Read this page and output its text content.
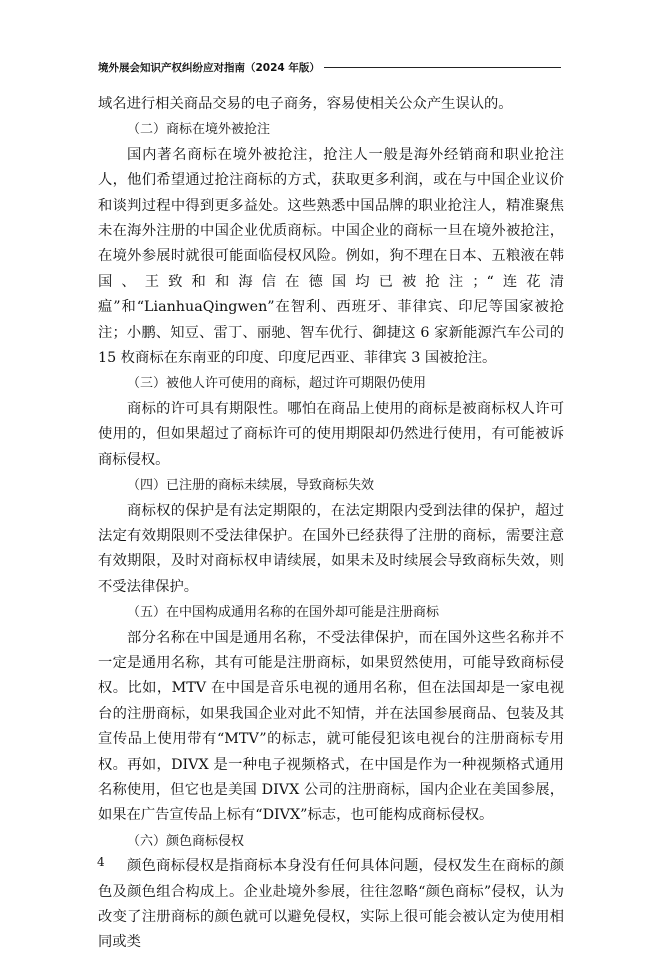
境外展会知识产权纠纷应对指南（2024 年版）

域名进行相关商品交易的电子商务，容易使相关公众产生误认的。

（二）商标在境外被抢注

国内著名商标在境外被抢注，抢注人一般是海外经销商和职业抢注人，他们希望通过抢注商标的方式，获取更多利润，或在与中国企业议价和谈判过程中得到更多益处。这些熟悉中国品牌的职业抢注人，精准聚焦未在海外注册的中国企业优质商标。中国企业的商标一旦在境外被抢注，在境外参展时就很可能面临侵权风险。例如，狗不理在日本、五粮液在韩国、王致和和海信在德国均已被抢注；“连花清瘟”和“LianhuaQingwen”在智利、西班牙、菲律宾、印尼等国家被抢注；小鹏、知豆、雷丁、丽驰、智车优行、御捷这 6 家新能源汽车公司的 15 枚商标在东南亚的印度、印度尼西亚、菲律宾 3 国被抢注。

（三）被他人许可使用的商标，超过许可期限仍使用

商标的许可具有期限性。哪怕在商品上使用的商标是被商标权人许可使用的，但如果超过了商标许可的使用期限却仍然进行使用，有可能被诉商标侵权。

（四）已注册的商标未续展，导致商标失效

商标权的保护是有法定期限的，在法定期限内受到法律的保护，超过法定有效期限则不受法律保护。在国外已经获得了注册的商标，需要注意有效期限，及时对商标权申请续展，如果未及时续展会导致商标失效，则不受法律保护。

（五）在中国构成通用名称的在国外却可能是注册商标

部分名称在中国是通用名称，不受法律保护，而在国外这些名称并不一定是通用名称，其有可能是注册商标，如果贸然使用，可能导致商标侵权。比如，MTV 在中国是音乐电视的通用名称，但在法国却是一家电视台的注册商标，如果我国企业对此不知情，并在法国参展商品、包装及其宣传品上使用带有“MTV”的标志，就可能侵犯该电视台的注册商标专用权。再如，DIVX 是一种电子视频格式，在中国是作为一种视频格式通用名称使用，但它也是美国 DIVX 公司的注册商标，国内企业在美国参展，如果在广告宣传品上标有“DIVX”标志，也可能构成商标侵权。

（六）颜色商标侵权

颜色商标侵权是指商标本身没有任何具体问题，侵权发生在商标的颜色及颜色组合构成上。企业赴境外参展，往往忽略“颜色商标”侵权，认为改变了注册商标的颜色就可以避免侵权，实际上很可能会被认定为使用相同或类

4
